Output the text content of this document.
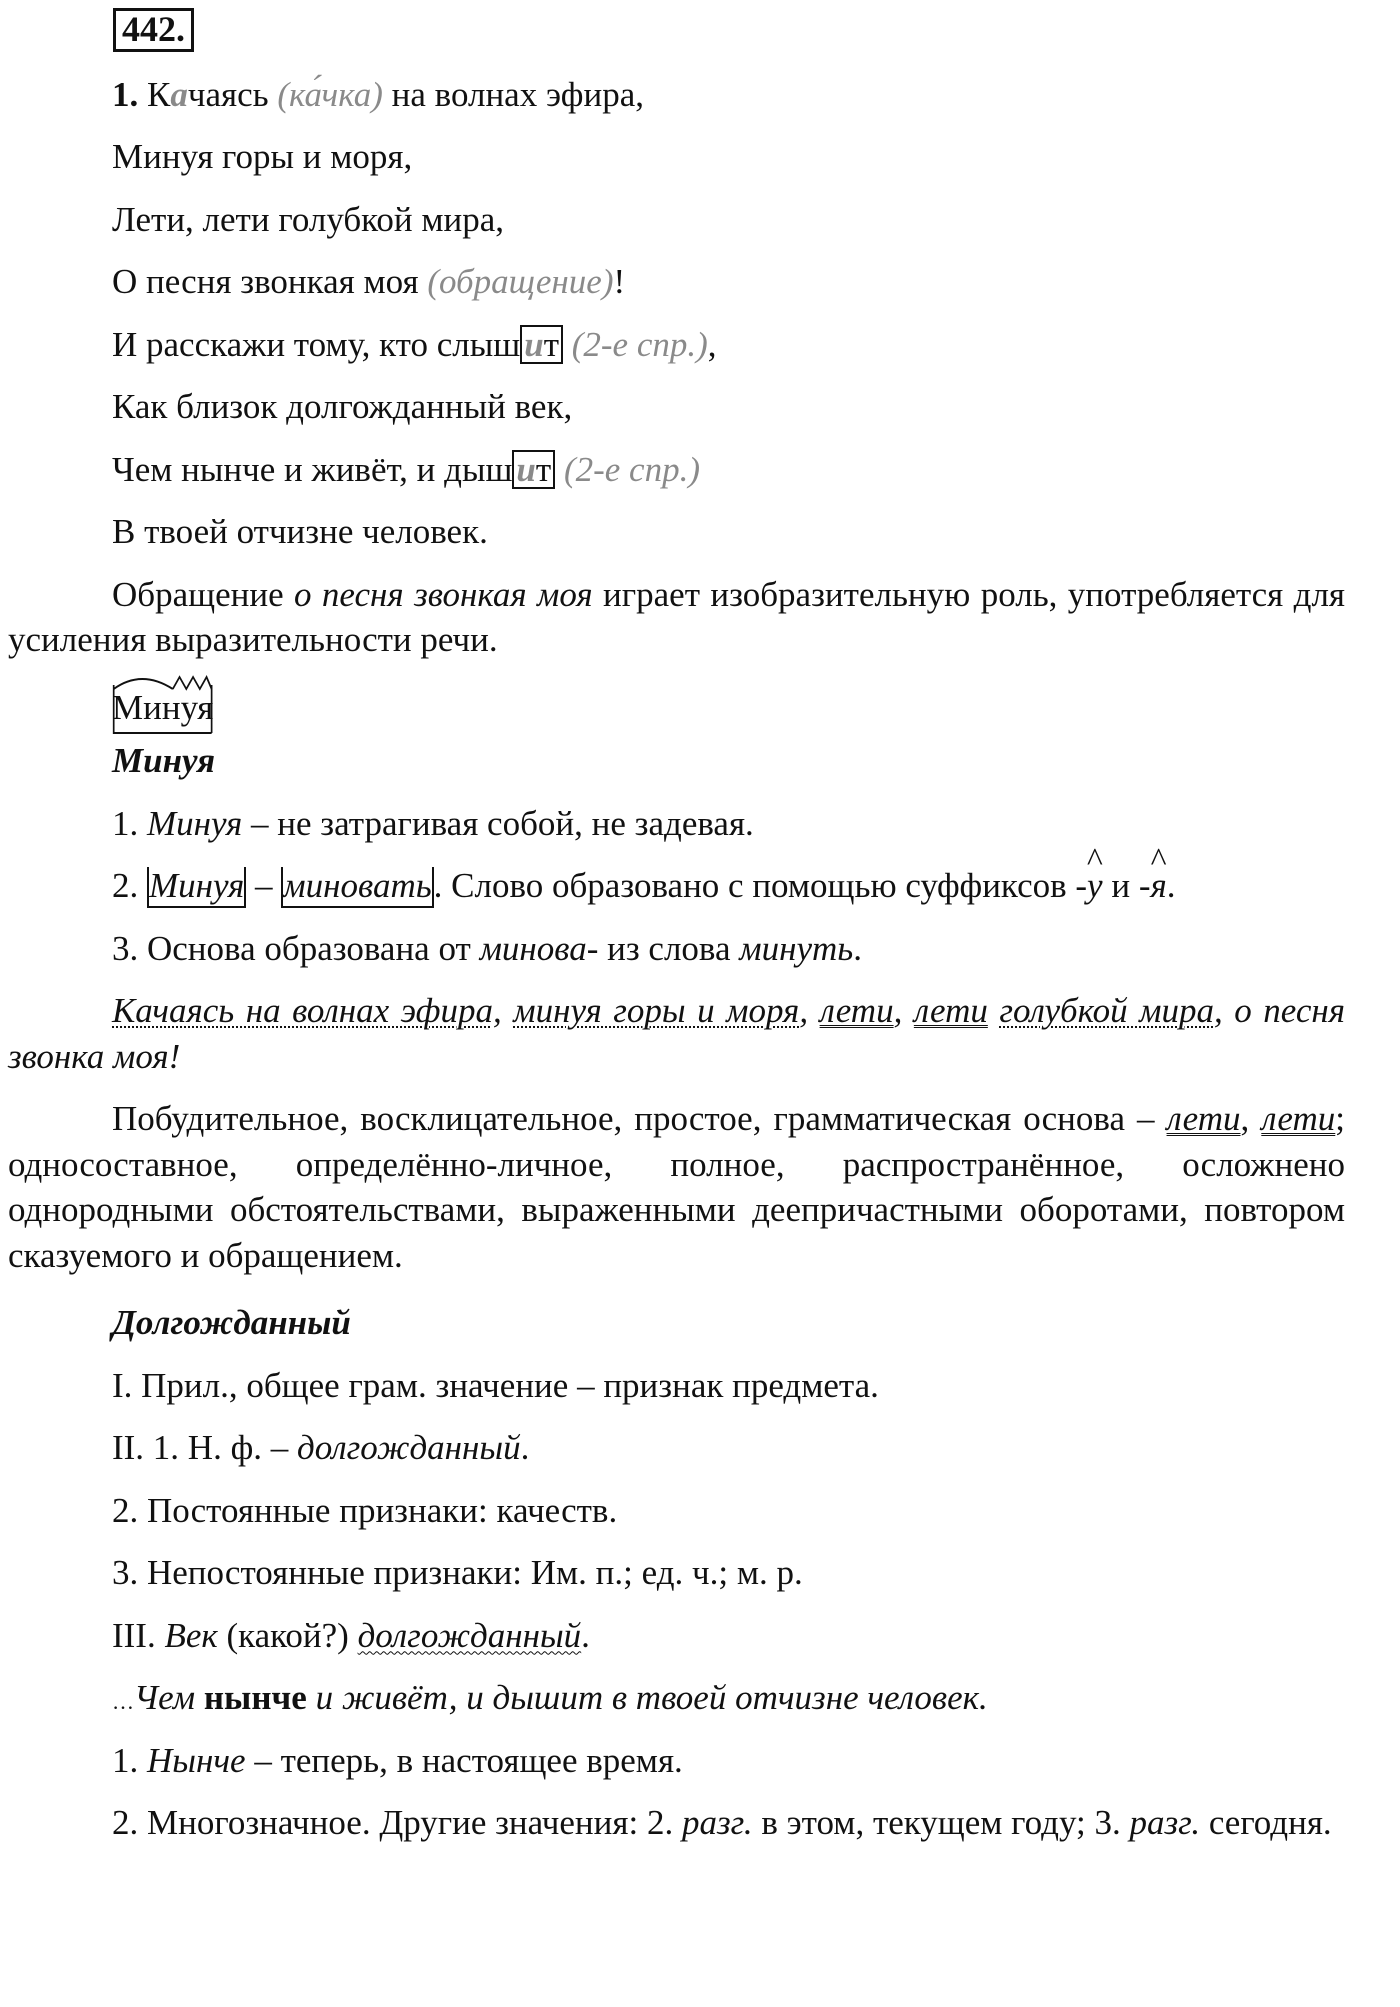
442.

1. Качаясь (ка́чка) на волнах эфира,

Минуя горы и моря,

Лети, лети голубкой мира,

О песня звонкая моя (обращение)!

И расскажи тому, кто слыш ит (2-е спр.),

Как близок долгожданный век,

Чем нынче и живёт, и дыш ит (2-е спр.)

В твоей отчизне человек.

Обращение о песня звонкая моя играет изобразительную роль, употребляется для усиления выразительности речи.

Минуя

Минуя

1. Минуя – не затрагивая собой, не задевая.

2. Минуя – миновать. Слово образовано с помощью суффиксов -^ у и -^ я.

3. Основа образована от минова- из слова минуть.

Качаясь на волнах эфира, минуя горы и моря, лети, лети голубкой мира, о песня звонка моя!

Побудительное, восклицательное, простое, грамматическая основа – лети, лети; односоставное, определённо-личное, полное, распространённое, осложнено однородными обстоятельствами, выраженными деепричастными оборотами, повтором сказуемого и обращением.

Долгожданный

I. Прил., общее грам. значение – признак предмета.

II. 1. Н. ф. – долгожданный.

2. Постоянные признаки: качеств.

3. Непостоянные признаки: Им. п.; ед. ч.; м. р.

III. Век (какой?) долгожданный.

…Чем нынче и живёт, и дышит в твоей отчизне человек.

1. Нынче – теперь, в настоящее время.

2. Многозначное. Другие значения: 2. разг. в этом, текущем году; 3. разг. сегодня.
